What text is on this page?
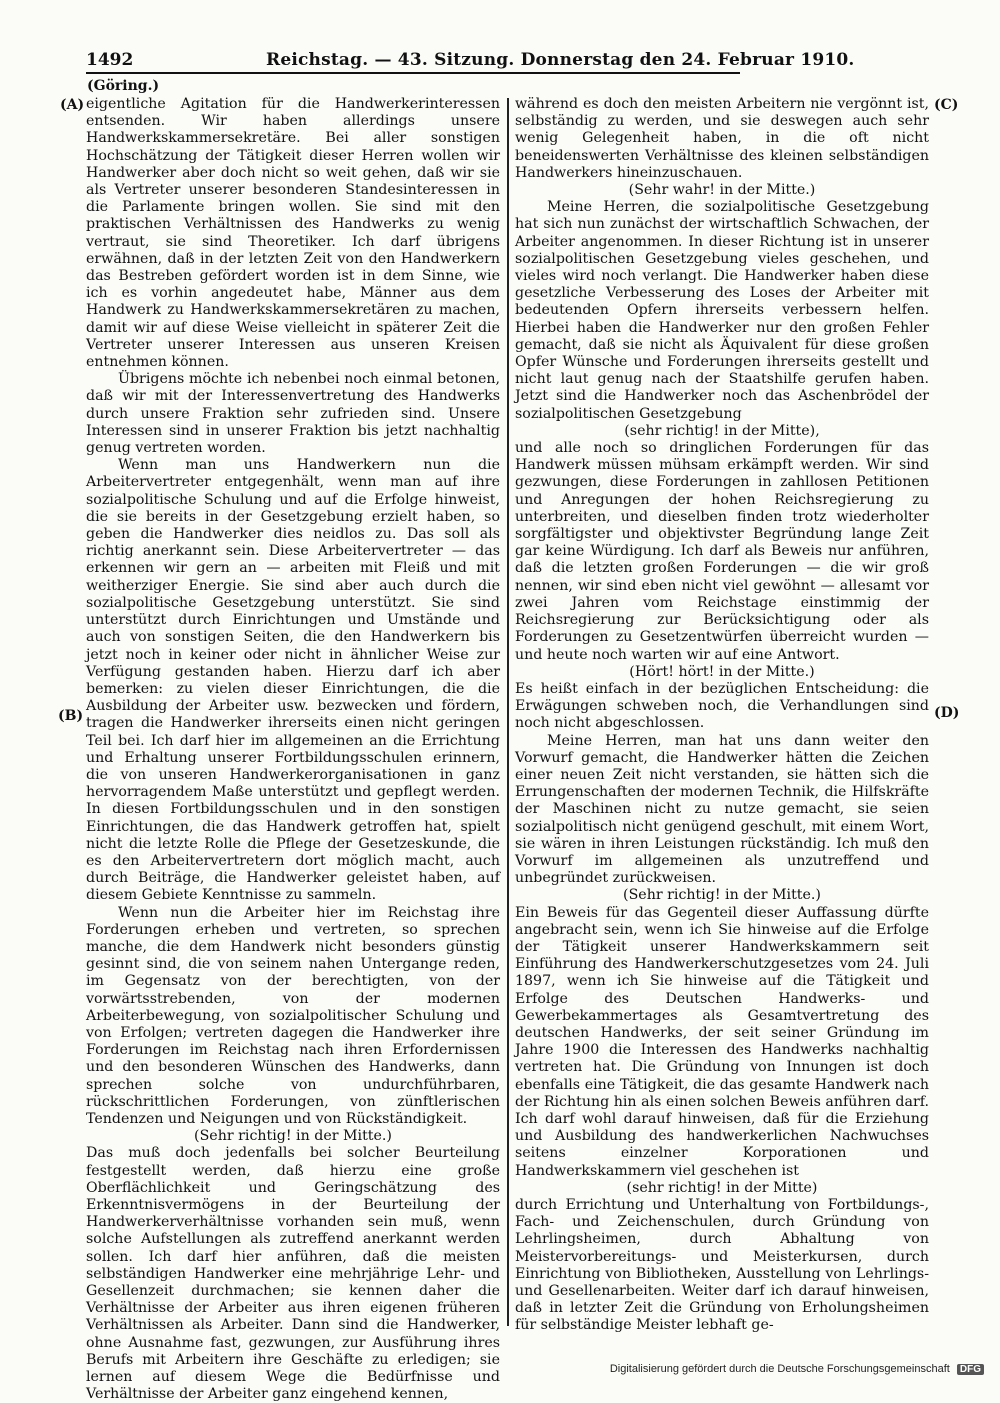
1492	Reichstag. — 43. Sitzung. Donnerstag den 24. Februar 1910.
(Göring.)
(A)
(B)
(C)
(D)

eigentliche Agitation für die Handwerkerinteressen entsenden. Wir haben allerdings unsere Handwerkskammersekretäre. Bei aller sonstigen Hochschätzung der Tätigkeit dieser Herren wollen wir Handwerker aber doch nicht so weit gehen, daß wir sie als Vertreter unserer besonderen Standesinteressen in die Parlamente bringen wollen. Sie sind mit den praktischen Verhältnissen des Handwerks zu wenig vertraut, sie sind Theoretiker. Ich darf übrigens erwähnen, daß in der letzten Zeit von den Handwerkern das Bestreben gefördert worden ist in dem Sinne, wie ich es vorhin angedeutet habe, Männer aus dem Handwerk zu Handwerkskammersekretären zu machen, damit wir auf diese Weise vielleicht in späterer Zeit die Vertreter unserer Interessen aus unseren Kreisen entnehmen können.

Übrigens möchte ich nebenbei noch einmal betonen, daß wir mit der Interessenvertretung des Handwerks durch unsere Fraktion sehr zufrieden sind. Unsere Interessen sind in unserer Fraktion bis jetzt nachhaltig genug vertreten worden.

Wenn man uns Handwerkern nun die Arbeitervertreter entgegenhält, wenn man auf ihre sozialpolitische Schulung und auf die Erfolge hinweist, die sie bereits in der Gesetzgebung erzielt haben, so geben die Handwerker dies neidlos zu. Das soll als richtig anerkannt sein. Diese Arbeitervertreter — das erkennen wir gern an — arbeiten mit Fleiß und mit weitherziger Energie. Sie sind aber auch durch die sozialpolitische Gesetzgebung unterstützt. Sie sind unterstützt durch Einrichtungen und Umstände und auch von sonstigen Seiten, die den Handwerkern bis jetzt noch in keiner oder nicht in ähnlicher Weise zur Verfügung gestanden haben. Hierzu darf ich aber bemerken: zu vielen dieser Einrichtungen, die die Ausbildung der Arbeiter usw. bezwecken und fördern, tragen die Handwerker ihrerseits einen nicht geringen Teil bei. Ich darf hier im allgemeinen an die Errichtung und Erhaltung unserer Fortbildungsschulen erinnern, die von unseren Handwerkerorganisationen in ganz hervorragendem Maße unterstützt und gepflegt werden. In diesen Fortbildungsschulen und in den sonstigen Einrichtungen, die das Handwerk getroffen hat, spielt nicht die letzte Rolle die Pflege der Gesetzeskunde, die es den Arbeitervertretern dort möglich macht, auch durch Beiträge, die Handwerker geleistet haben, auf diesem Gebiete Kenntnisse zu sammeln.

Wenn nun die Arbeiter hier im Reichstag ihre Forderungen erheben und vertreten, so sprechen manche, die dem Handwerk nicht besonders günstig gesinnt sind, die von seinem nahen Untergange reden, im Gegensatz von der berechtigten, von der vorwärtsstrebenden, von der modernen Arbeiterbewegung, von sozialpolitischer Schulung und von Erfolgen; vertreten dagegen die Handwerker ihre Forderungen im Reichstag nach ihren Erfordernissen und den besonderen Wünschen des Handwerks, dann sprechen solche von undurchführbaren, rückschrittlichen Forderungen, von zünftlerischen Tendenzen und Neigungen und von Rückständigkeit.

(Sehr richtig! in der Mitte.)

Das muß doch jedenfalls bei solcher Beurteilung festgestellt werden, daß hierzu eine große Oberflächlichkeit und Geringschätzung des Erkenntnisvermögens in der Beurteilung der Handwerkerverhältnisse vorhanden sein muß, wenn solche Aufstellungen als zutreffend anerkannt werden sollen. Ich darf hier anführen, daß die meisten selbständigen Handwerker eine mehrjährige Lehr- und Gesellenzeit durchmachen; sie kennen daher die Verhältnisse der Arbeiter aus ihren eigenen früheren Verhältnissen als Arbeiter. Dann sind die Handwerker, ohne Ausnahme fast, gezwungen, zur Ausführung ihres Berufs mit Arbeitern ihre Geschäfte zu erledigen; sie lernen auf diesem Wege die Bedürfnisse und Verhältnisse der Arbeiter ganz eingehend kennen,

während es doch den meisten Arbeitern nie vergönnt ist, selbständig zu werden, und sie deswegen auch sehr wenig Gelegenheit haben, in die oft nicht beneidenswerten Verhältnisse des kleinen selbständigen Handwerkers hineinzuschauen.

(Sehr wahr! in der Mitte.)

Meine Herren, die sozialpolitische Gesetzgebung hat sich nun zunächst der wirtschaftlich Schwachen, der Arbeiter angenommen. In dieser Richtung ist in unserer sozialpolitischen Gesetzgebung vieles geschehen, und vieles wird noch verlangt. Die Handwerker haben diese gesetzliche Verbesserung des Loses der Arbeiter mit bedeutenden Opfern ihrerseits verbessern helfen. Hierbei haben die Handwerker nur den großen Fehler gemacht, daß sie nicht als Äquivalent für diese großen Opfer Wünsche und Forderungen ihrerseits gestellt und nicht laut genug nach der Staatshilfe gerufen haben. Jetzt sind die Handwerker noch das Aschenbrödel der sozialpolitischen Gesetzgebung

(sehr richtig! in der Mitte),

und alle noch so dringlichen Forderungen für das Handwerk müssen mühsam erkämpft werden. Wir sind gezwungen, diese Forderungen in zahllosen Petitionen und Anregungen der hohen Reichsregierung zu unterbreiten, und dieselben finden trotz wiederholter sorgfältigster und objektivster Begründung lange Zeit gar keine Würdigung. Ich darf als Beweis nur anführen, daß die letzten großen Forderungen — die wir groß nennen, wir sind eben nicht viel gewöhnt — allesamt vor zwei Jahren vom Reichstage einstimmig der Reichsregierung zur Berücksichtigung oder als Forderungen zu Gesetzentwürfen überreicht wurden — und heute noch warten wir auf eine Antwort.

(Hört! hört! in der Mitte.)

Es heißt einfach in der bezüglichen Entscheidung: die Erwägungen schweben noch, die Verhandlungen sind noch nicht abgeschlossen.

Meine Herren, man hat uns dann weiter den Vorwurf gemacht, die Handwerker hätten die Zeichen einer neuen Zeit nicht verstanden, sie hätten sich die Errungenschaften der modernen Technik, die Hilfskräfte der Maschinen nicht zu nutze gemacht, sie seien sozialpolitisch nicht genügend geschult, mit einem Wort, sie wären in ihren Leistungen rückständig. Ich muß den Vorwurf im allgemeinen als unzutreffend und unbegründet zurückweisen.

(Sehr richtig! in der Mitte.)

Ein Beweis für das Gegenteil dieser Auffassung dürfte angebracht sein, wenn ich Sie hinweise auf die Erfolge der Tätigkeit unserer Handwerkskammern seit Einführung des Handwerkerschutzgesetzes vom 24. Juli 1897, wenn ich Sie hinweise auf die Tätigkeit und Erfolge des Deutschen Handwerks- und Gewerbekammertages als Gesamtvertretung des deutschen Handwerks, der seit seiner Gründung im Jahre 1900 die Interessen des Handwerks nachhaltig vertreten hat. Die Gründung von Innungen ist doch ebenfalls eine Tätigkeit, die das gesamte Handwerk nach der Richtung hin als einen solchen Beweis anführen darf. Ich darf wohl darauf hinweisen, daß für die Erziehung und Ausbildung des handwerkerlichen Nachwuchses seitens einzelner Korporationen und Handwerkskammern viel geschehen ist

(sehr richtig! in der Mitte)

durch Errichtung und Unterhaltung von Fortbildungs-, Fach- und Zeichenschulen, durch Gründung von Lehrlingsheimen, durch Abhaltung von Meistervorbereitungs- und Meisterkursen, durch Einrichtung von Bibliotheken, Ausstellung von Lehrlings- und Gesellenarbeiten. Weiter darf ich darauf hinweisen, daß in letzter Zeit die Gründung von Erholungsheimen für selbständige Meister lebhaft ge-

Digitalisierung gefördert durch die Deutsche Forschungsgemeinschaft DFG
